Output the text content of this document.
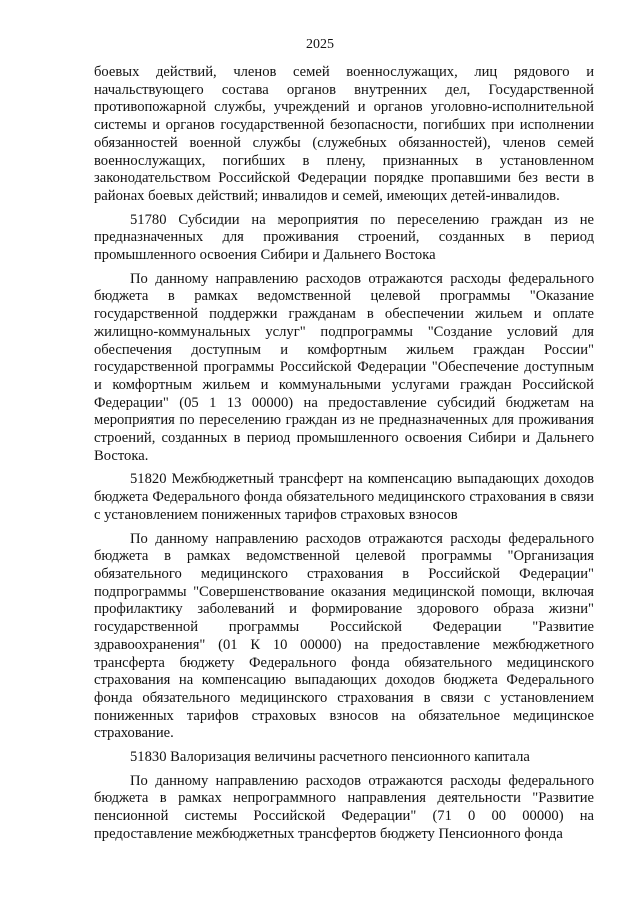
2025

боевых действий, членов семей военнослужащих, лиц рядового и начальствующего состава органов внутренних дел, Государственной противопожарной службы, учреждений и органов уголовно-исполнительной системы и органов государственной безопасности, погибших при исполнении обязанностей военной службы (служебных обязанностей), членов семей военнослужащих, погибших в плену, признанных в установленном законодательством Российской Федерации порядке пропавшими без вести в районах боевых действий; инвалидов и семей, имеющих детей-инвалидов.

51780 Субсидии на мероприятия по переселению граждан из не предназначенных для проживания строений, созданных в период промышленного освоения Сибири и Дальнего Востока

По данному направлению расходов отражаются расходы федерального бюджета в рамках ведомственной целевой программы "Оказание государственной поддержки гражданам в обеспечении жильем и оплате жилищно-коммунальных услуг" подпрограммы "Создание условий для обеспечения доступным и комфортным жильем граждан России" государственной программы Российской Федерации "Обеспечение доступным и комфортным жильем и коммунальными услугами граждан Российской Федерации" (05 1 13 00000) на предоставление субсидий бюджетам на мероприятия по переселению граждан из не предназначенных для проживания строений, созданных в период промышленного освоения Сибири и Дальнего Востока.

51820 Межбюджетный трансферт на компенсацию выпадающих доходов бюджета Федерального фонда обязательного медицинского страхования в связи с установлением пониженных тарифов страховых взносов

По данному направлению расходов отражаются расходы федерального бюджета в рамках ведомственной целевой программы "Организация обязательного медицинского страхования в Российской Федерации" подпрограммы "Совершенствование оказания медицинской помощи, включая профилактику заболеваний и формирование здорового образа жизни" государственной программы Российской Федерации "Развитие здравоохранения" (01 К 10 00000) на предоставление межбюджетного трансферта бюджету Федерального фонда обязательного медицинского страхования на компенсацию выпадающих доходов бюджета Федерального фонда обязательного медицинского страхования в связи с установлением пониженных тарифов страховых взносов на обязательное медицинское страхование.

51830 Валоризация величины расчетного пенсионного капитала

По данному направлению расходов отражаются расходы федерального бюджета в рамках непрограммного направления деятельности "Развитие пенсионной системы Российской Федерации" (71 0 00 00000) на предоставление межбюджетных трансфертов бюджету Пенсионного фонда
